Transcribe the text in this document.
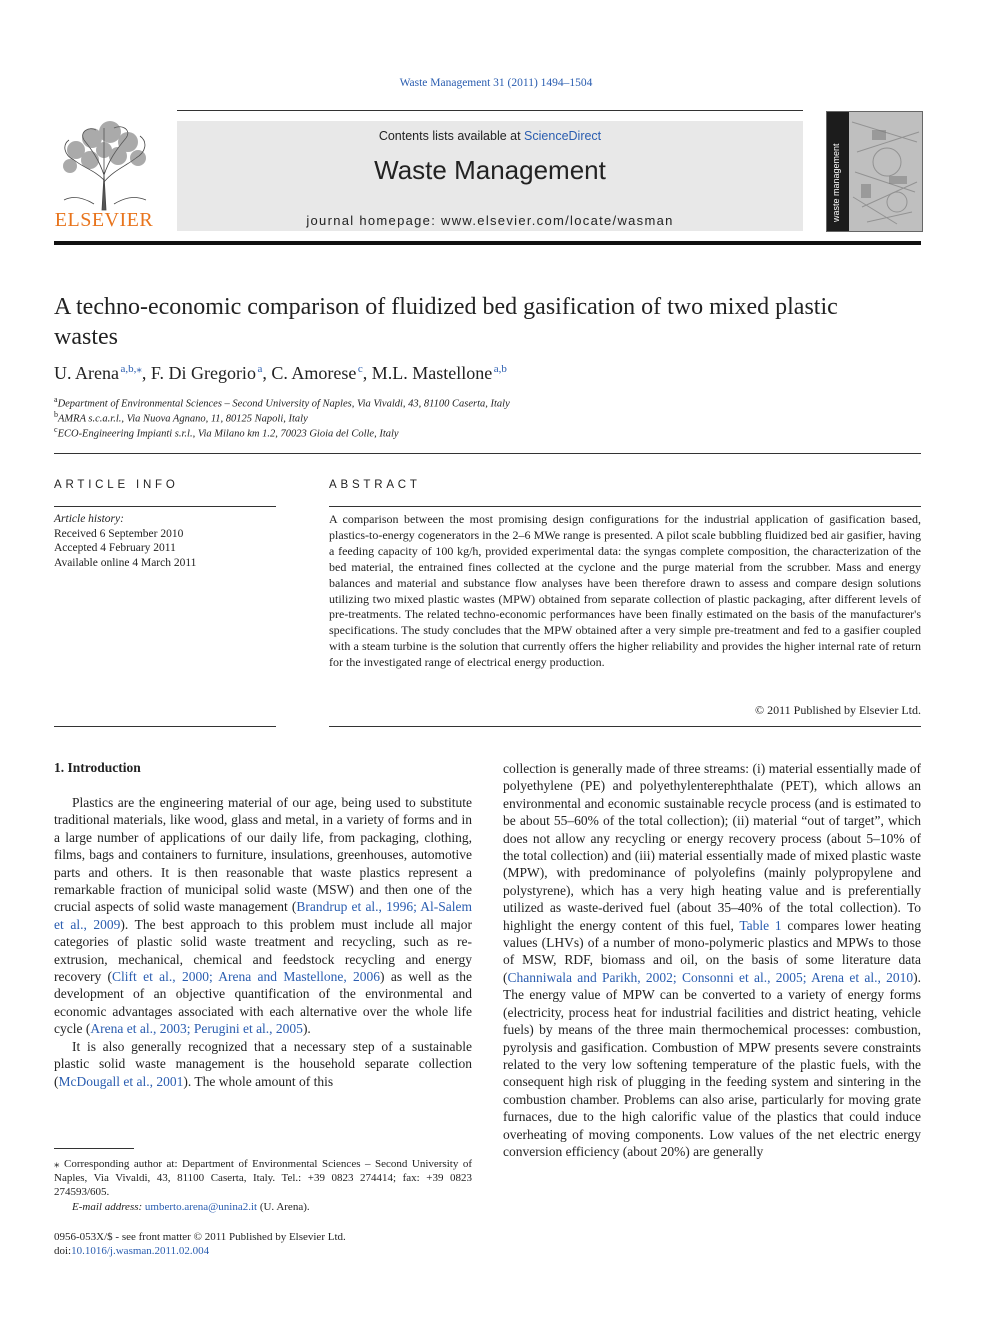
Waste Management 31 (2011) 1494–1504
ELSEVIER
Contents lists available at ScienceDirect
Waste Management
journal homepage: www.elsevier.com/locate/wasman	waste management
A techno-economic comparison of fluidized bed gasification of two mixed plastic wastes
U. Arena  $^{a,b,⁎}$, F. Di Gregorio  $^a$, C. Amorese  $^c$, M.L. Mastellone  $^{a,b}$
$^a$Department of Environmental Sciences – Second University of Naples, Via Vivaldi, 43, 81100 Caserta, Italy
$^b$AMRA s.c.a.r.l., Via Nuova Agnano, 11, 80125 Napoli, Italy
$^c$ECO-Engineering Impianti s.r.l., Via Milano km 1.2, 70023 Gioia del Colle, Italy
ARTICLE INFO	ABSTRACT
Article history:
Received 6 September 2010
Accepted 4 February 2011
Available online 4 March 2011
A comparison between the most promising design configurations for the industrial application of gasification based, plastics-to-energy cogenerators in the 2–6 MWe range is presented. A pilot scale bubbling fluidized bed air gasifier, having a feeding capacity of 100 kg/h, provided experimental data: the syngas complete composition, the characterization of the bed material, the entrained fines collected at the cyclone and the purge material from the scrubber. Mass and energy balances and material and substance flow analyses have been therefore drawn to assess and compare design solutions utilizing two mixed plastic wastes (MPW) obtained from separate collection of plastic packaging, after different levels of pre-treatments. The related techno-economic performances have been finally estimated on the basis of the manufacturer's specifications. The study concludes that the MPW obtained after a very simple pre-treatment and fed to a gasifier coupled with a steam turbine is the solution that currently offers the higher reliability and provides the higher internal rate of return for the investigated range of electrical energy production.
© 2011 Published by Elsevier Ltd.
1. Introduction

Plastics are the engineering material of our age, being used to substitute traditional materials, like wood, glass and metal, in a variety of forms and in a large number of applications of our daily life, from packaging, clothing, films, bags and containers to furniture, insulations, greenhouses, automotive parts and others. It is then reasonable that waste plastics represent a remarkable fraction of municipal solid waste (MSW) and then one of the crucial aspects of solid waste management (Brandrup et al., 1996; Al-Salem et al., 2009). The best approach to this problem must include all major categories of plastic solid waste treatment and recycling, such as re-extrusion, mechanical, chemical and feedstock recycling and energy recovery (Clift et al., 2000; Arena and Mastellone, 2006) as well as the development of an objective quantification of the environmental and economic advantages associated with each alternative over the whole life cycle (Arena et al., 2003; Perugini et al., 2005).

It is also generally recognized that a necessary step of a sustainable plastic solid waste management is the household separate collection (McDougall et al., 2001). The whole amount of this

collection is generally made of three streams: (i) material essentially made of polyethylene (PE) and polyethylenterephthalate (PET), which allows an environmental and economic sustainable recycle process (and is estimated to be about 55–60% of the total collection); (ii) material “out of target”, which does not allow any recycling or energy recovery process (about 5–10% of the total collection) and (iii) material essentially made of mixed plastic waste (MPW), with predominance of polyolefins (mainly polypropylene and polystyrene), which has a very high heating value and is preferentially utilized as waste-derived fuel (about 35–40% of the total collection). To highlight the energy content of this fuel, Table 1 compares lower heating values (LHVs) of a number of mono-polymeric plastics and MPWs to those of MSW, RDF, biomass and oil, on the basis of some literature data (Channiwala and Parikh, 2002; Consonni et al., 2005; Arena et al., 2010). The energy value of MPW can be converted to a variety of energy forms (electricity, process heat for industrial facilities and district heating, vehicle fuels) by means of the three main thermochemical processes: combustion, pyrolysis and gasification. Combustion of MPW presents severe constraints related to the very low softening temperature of the plastic fuels, with the consequent high risk of plugging in the feeding system and sintering in the combustion chamber. Problems can also arise, particularly for moving grate furnaces, due to the high calorific value of the plastics that could induce overheating of moving components. Low values of the net electric energy conversion efficiency (about 20%) are generally

⁎ Corresponding author at: Department of Environmental Sciences – Second University of Naples, Via Vivaldi, 43, 81100 Caserta, Italy. Tel.: +39 0823 274414; fax: +39 0823 274593/605.
E-mail address: umberto.arena@unina2.it (U. Arena).
0956-053X/$ - see front matter © 2011 Published by Elsevier Ltd.
doi:10.1016/j.wasman.2011.02.004
